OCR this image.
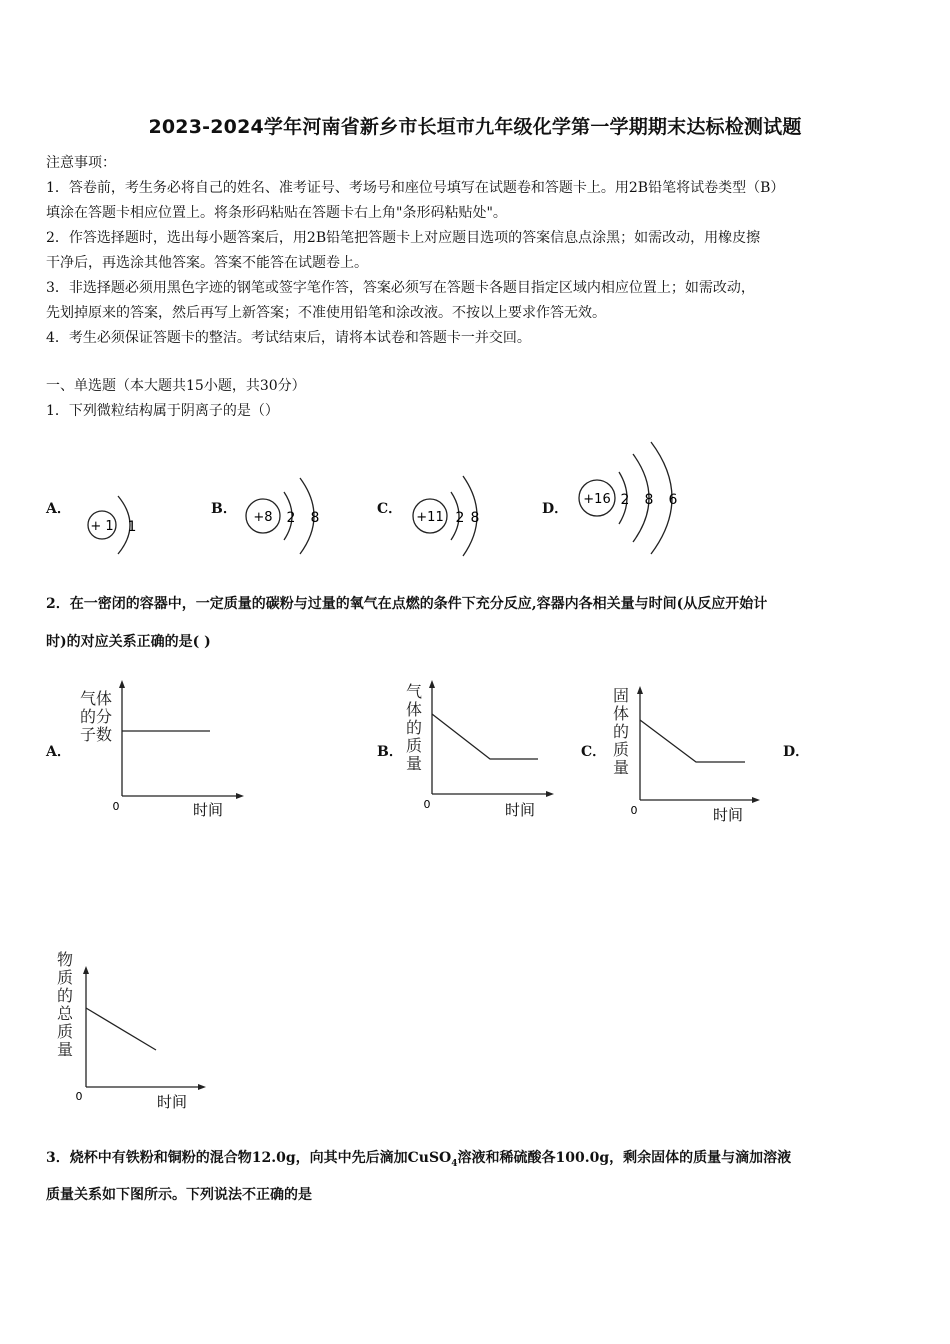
2023-2024学年河南省新乡市长垣市九年级化学第一学期期末达标检测试题
注意事项：
1．答卷前，考生务必将自己的姓名、准考证号、考场号和座位号填写在试题卷和答题卡上。用2B铅笔将试卷类型（B）
填涂在答题卡相应位置上。将条形码粘贴在答题卡右上角"条形码粘贴处"。
2．作答选择题时，选出每小题答案后，用2B铅笔把答题卡上对应题目选项的答案信息点涂黑；如需改动，用橡皮擦
干净后，再选涂其他答案。答案不能答在试题卷上。
3．非选择题必须用黑色字迹的钢笔或签字笔作答，答案必须写在答题卡各题目指定区域内相应位置上；如需改动，
先划掉原来的答案，然后再写上新答案；不准使用铅笔和涂改液。不按以上要求作答无效。
4．考生必须保证答题卡的整洁。考试结束后，请将本试卷和答题卡一并交回。
一、单选题（本大题共15小题，共30分）
1．下列微粒结构属于阴离子的是（）
A．
+ 1 1
B．
+8 2 8
C．
+11 2 8
D．
+16 2 8 6
2．在一密闭的容器中，一定质量的碳粉与过量的氧气在点燃的条件下充分反应,容器内各相关量与时间(从反应开始计
时)的对应关系正确的是( )
A．
气体
的分
子数
0	时间
B．
气
体
的
质
量
0	时间
C．
固
体
的
质
量
0	时间
D．
物
质
的
总
质
量
0	时间
3．烧杯中有铁粉和铜粉的混合物12.0g，向其中先后滴加CuSO$_4$溶液和稀硫酸各100.0g，剩余固体的质量与滴加溶液
质量关系如下图所示。下列说法不正确的是
